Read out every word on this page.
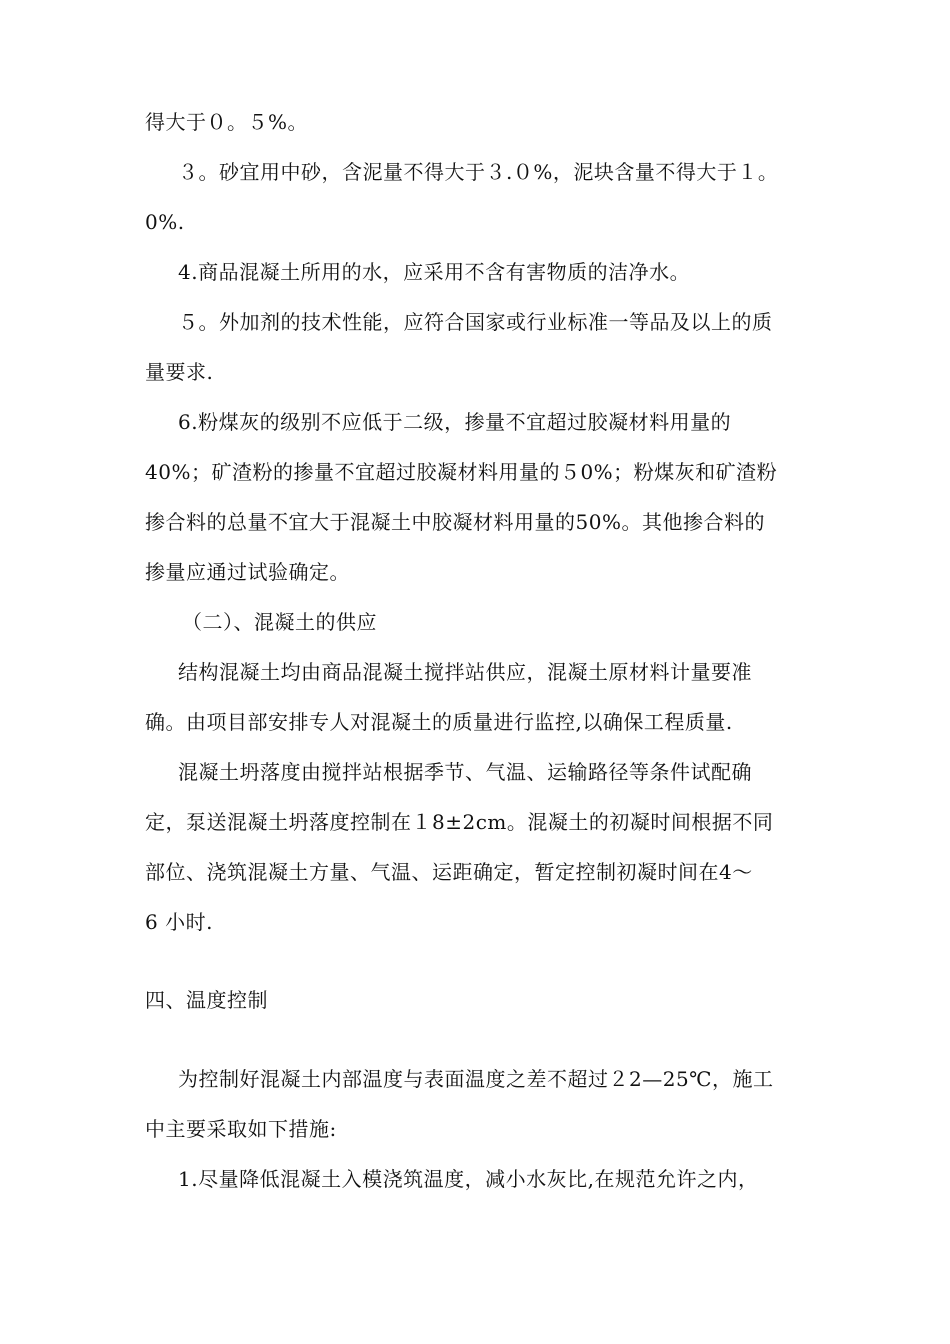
得大于０。５%。
３。砂宜用中砂，含泥量不得大于３.０%，泥块含量不得大于１。
0%.
4.商品混凝土所用的水，应采用不含有害物质的洁净水。
５。外加剂的技术性能，应符合国家或行业标准一等品及以上的质
量要求.
6.粉煤灰的级别不应低于二级，掺量不宜超过胶凝材料用量的
40%；矿渣粉的掺量不宜超过胶凝材料用量的５0%；粉煤灰和矿渣粉
掺合料的总量不宜大于混凝土中胶凝材料用量的50%。其他掺合料的
掺量应通过试验确定。
（二）、混凝土的供应
结构混凝土均由商品混凝土搅拌站供应，混凝土原材料计量要准
确。由项目部安排专人对混凝土的质量进行监控,以确保工程质量.
混凝土坍落度由搅拌站根据季节、气温、运输路径等条件试配确
定，泵送混凝土坍落度控制在１8±2cm。混凝土的初凝时间根据不同
部位、浇筑混凝土方量、气温、运距确定，暂定控制初凝时间在4～
6 小时.
四、温度控制
为控制好混凝土内部温度与表面温度之差不超过２2—25℃，施工
中主要采取如下措施:
1.尽量降低混凝土入模浇筑温度，减小水灰比,在规范允许之内，
